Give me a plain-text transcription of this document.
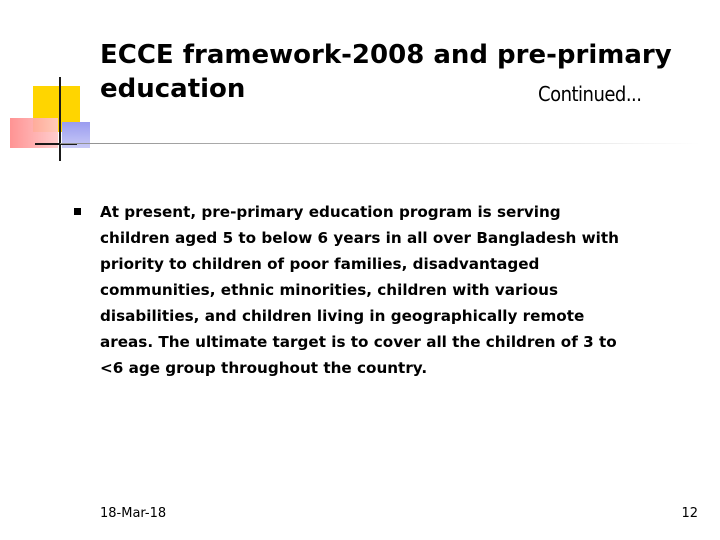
ECCE framework-2008 and pre-primary
education	Continued...
At present, pre-primary education program is serving
children aged 5 to below 6 years in all over Bangladesh with
priority to children of poor families, disadvantaged
communities, ethnic minorities, children with various
disabilities, and children living in geographically remote
areas. The ultimate target is to cover all the children of 3 to
<6 age group throughout the country.
18-Mar-18	12
